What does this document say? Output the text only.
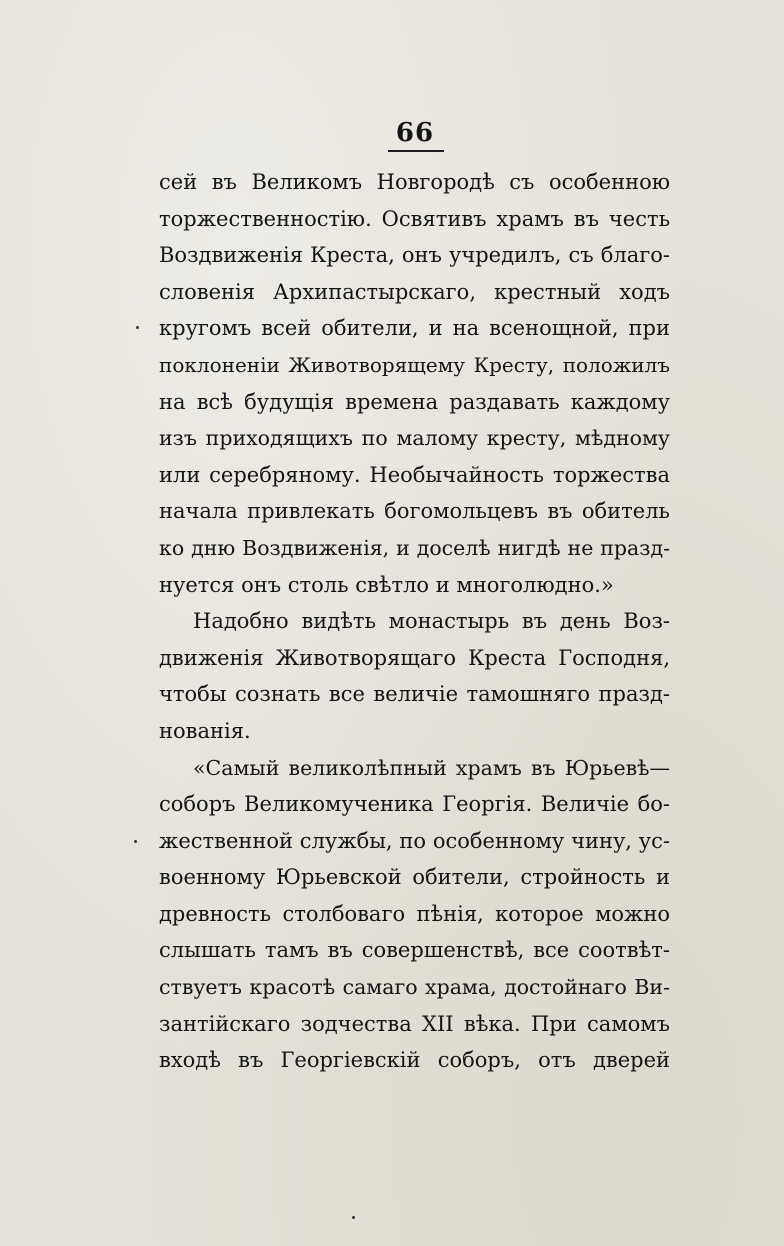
66
сей въ Великомъ Новгородѣ съ особенною
торжественностію. Освятивъ храмъ въ честь
Воздвиженія Креста, онъ учредилъ, съ благо-
словенія Архипастырскаго, крестный ходъ
кругомъ всей обители, и на всенощной, при
поклоненіи Животворящему Кресту, положилъ
на всѣ будущія времена раздавать каждому
изъ приходящихъ по малому кресту, мѣдному
или серебряному. Необычайность торжества
начала привлекать богомольцевъ въ обитель
ко дню Воздвиженія, и доселѣ нигдѣ не празд-
нуется онъ столь свѣтло и многолюдно.»
Надобно видѣть монастырь въ день Воз-
движенія Животворящаго Креста Господня,
чтобы сознать все величіе тамошняго празд-
нованія.
«Самый великолѣпный храмъ въ Юрьевѣ—
соборъ Великомученика Георгія. Величіе бо-
жественной службы, по особенному чину, ус-
военному Юрьевской обители, стройность и
древность столбоваго пѣнія, которое можно
слышать тамъ въ совершенствѣ, все соотвѣт-
ствуетъ красотѣ самаго храма, достойнаго Ви-
зантійскаго зодчества XII вѣка. При самомъ
входѣ въ Георгіевскій соборъ, отъ дверей
